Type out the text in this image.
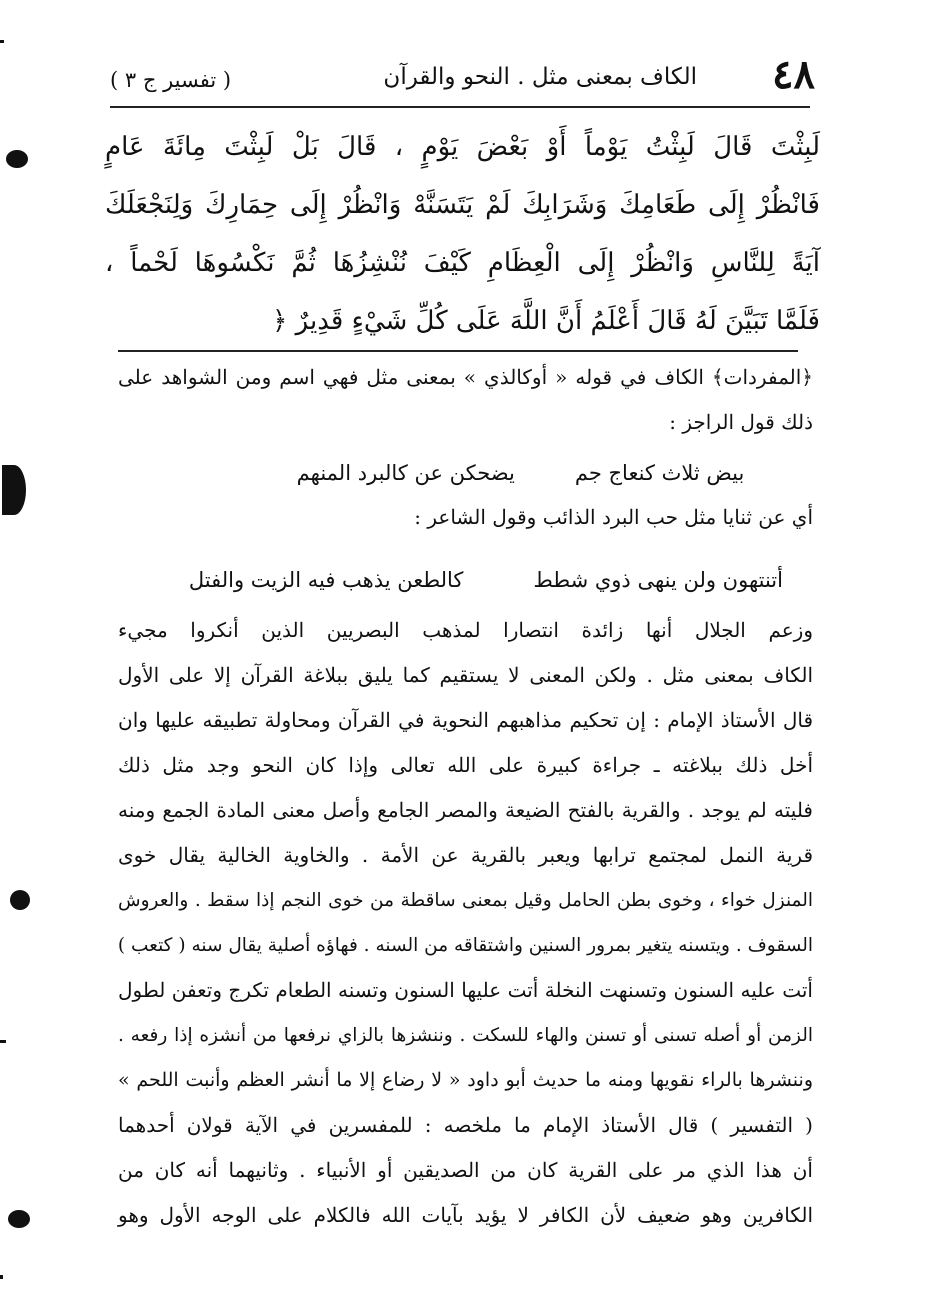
٤٨
الكاف بمعنى مثل . النحو والقرآن
( تفسير ج ٣ )
لَبِثْتَ قَالَ لَبِثْتُ يَوْماً أَوْ بَعْضَ يَوْمٍ ، قَالَ بَلْ لَبِثْتَ مِائَةَ عَامٍ
فَانْظُرْ إِلَى طَعَامِكَ وَشَرَابِكَ لَمْ يَتَسَنَّهْ وَانْظُرْ إِلَى حِمَارِكَ وَلِنَجْعَلَكَ
آيَةً لِلنَّاسِ وَانْظُرْ إِلَى الْعِظَامِ كَيْفَ نُنْشِزُهَا ثُمَّ نَكْسُوهَا لَحْماً ،
فَلَمَّا تَبَيَّنَ لَهُ قَالَ أَعْلَمُ أَنَّ اللَّهَ عَلَى كُلِّ شَيْءٍ قَدِيرٌ ﴿
﴿المفردات﴾ الكاف في قوله « أوكالذي » بمعنى مثل فهي اسم ومن الشواهد على
ذلك قول الراجز :
بيض ثلاث كنعاج جم
يضحكن عن كالبرد المنهم
أي عن ثنايا مثل حب البرد الذائب وقول الشاعر :
أتنتهون ولن ينهى ذوي شطط
كالطعن يذهب فيه الزيت والفتل
وزعم الجلال أنها زائدة انتصارا لمذهب البصريين الذين أنكروا مجيء
الكاف بمعنى مثل . ولكن المعنى لا يستقيم كما يليق ببلاغة القرآن إلا على الأول
قال الأستاذ الإمام : إن تحكيم مذاهبهم النحوية في القرآن ومحاولة تطبيقه عليها وان
أخل ذلك ببلاغته ـ جراءة كبيرة على الله تعالى وإذا كان النحو وجد مثل ذلك
فليته لم يوجد . والقرية بالفتح الضيعة والمصر الجامع وأصل معنى المادة الجمع ومنه
قرية النمل لمجتمع ترابها ويعبر بالقرية عن الأمة . والخاوية الخالية يقال خوى
المنزل خواء ، وخوى بطن الحامل وقيل بمعنى ساقطة من خوى النجم إذا سقط . والعروش
السقوف . ويتسنه يتغير بمرور السنين واشتقاقه من السنه . فهاؤه أصلية يقال سنه ( كتعب )
أتت عليه السنون وتسنهت النخلة أتت عليها السنون وتسنه الطعام تكرج وتعفن لطول
الزمن أو أصله تسنى أو تسنن والهاء للسكت . وننشزها بالزاي نرفعها من أنشزه إذا رفعه .
وننشرها بالراء نقويها ومنه ما حديث أبو داود « لا رضاع إلا ما أنشر العظم وأنبت اللحم »
( التفسير ) قال الأستاذ الإمام ما ملخصه : للمفسرين في الآية قولان أحدهما
أن هذا الذي مر على القرية كان من الصديقين أو الأنبياء . وثانيهما أنه كان من
الكافرين وهو ضعيف لأن الكافر لا يؤيد بآيات الله فالكلام على الوجه الأول وهو
